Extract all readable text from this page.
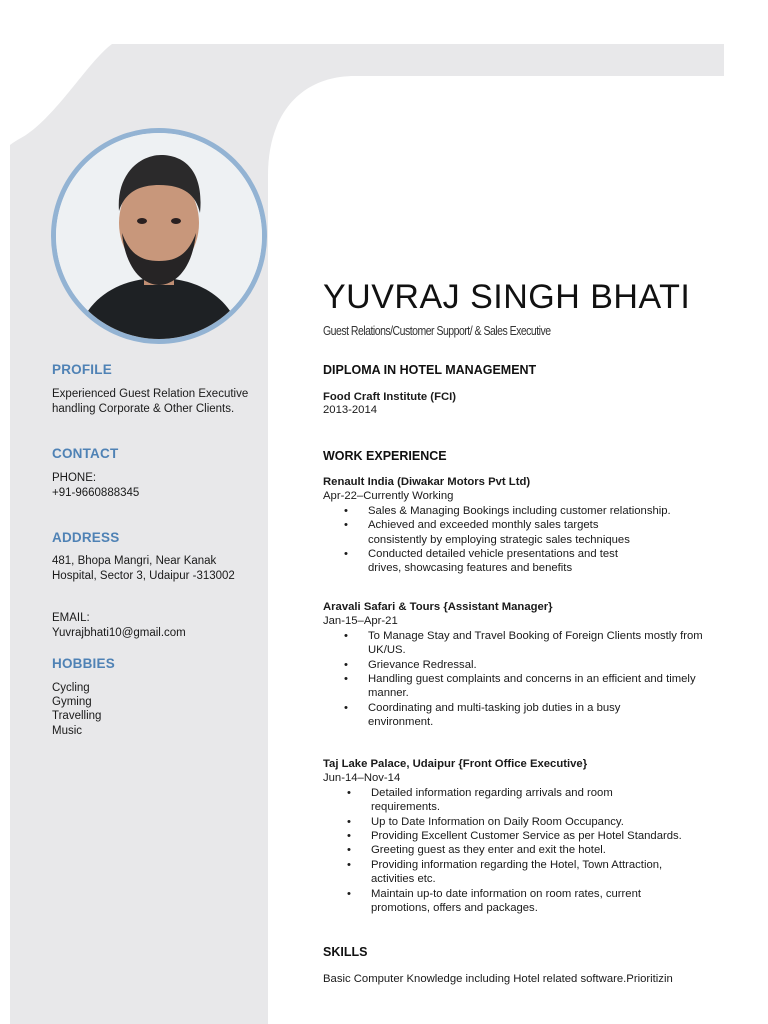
PROFILE
Experienced Guest Relation Executive
handling Corporate & Other Clients.
CONTACT
PHONE:
+91-9660888345
ADDRESS
481, Bhopa Mangri, Near Kanak
Hospital, Sector 3, Udaipur -313002
EMAIL:
Yuvrajbhati10@gmail.com
HOBBIES
Cycling
Gyming
Travelling
Music
YUVRAJ SINGH BHATI
Guest Relations/Customer Support/ & Sales Executive
DIPLOMA IN HOTEL MANAGEMENT
Food Craft Institute (FCI)
2013-2014
WORK EXPERIENCE
Renault India (Diwakar Motors Pvt Ltd)
Apr-22–Currently Working
• Sales & Managing Bookings including customer relationship.
• Achieved and exceeded monthly sales targets consistently by employing strategic sales techniques
• Conducted detailed vehicle presentations and test drives, showcasing features and benefits
Aravali Safari & Tours {Assistant Manager}
Jan-15–Apr-21
• To Manage Stay and Travel Booking of Foreign Clients mostly from UK/US.
• Grievance Redressal.
• Handling guest complaints and concerns in an efficient and timely manner.
• Coordinating and multi-tasking job duties in a busy environment.
Taj Lake Palace, Udaipur {Front Office Executive}
Jun-14–Nov-14
• Detailed information regarding arrivals and room requirements.
• Up to Date Information on Daily Room Occupancy.
• Providing Excellent Customer Service as per Hotel Standards.
• Greeting guest as they enter and exit the hotel.
• Providing information regarding the Hotel, Town Attraction, activities etc.
• Maintain up-to date information on room rates, current promotions, offers and packages.
SKILLS
Basic Computer Knowledge including Hotel related software.Prioritizin
